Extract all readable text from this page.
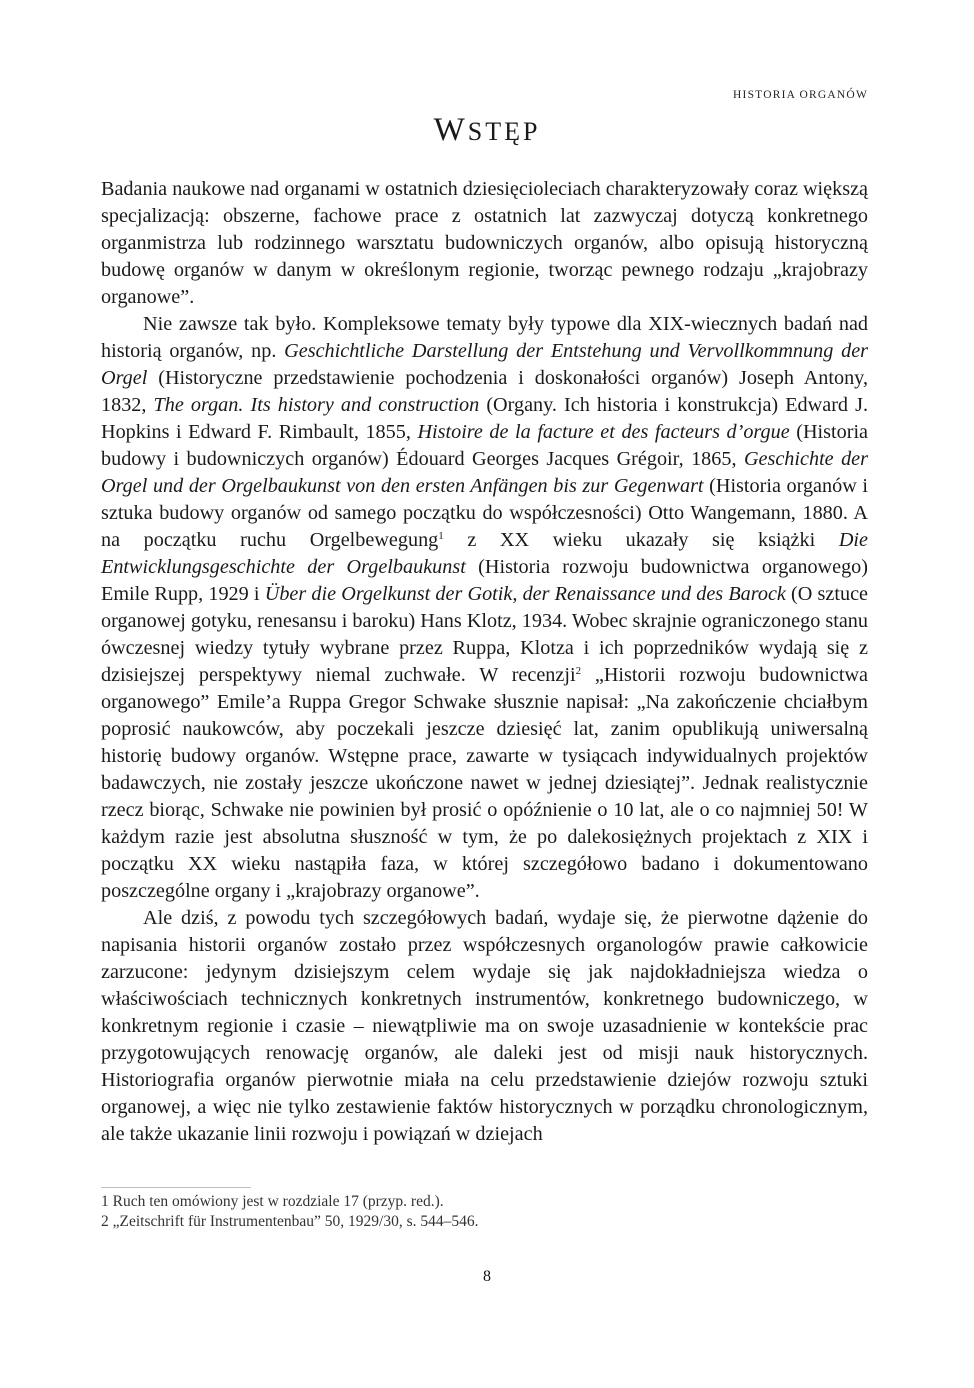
HISTORIA ORGANÓW
WSTĘP

Badania naukowe nad organami w ostatnich dziesięcioleciach charakteryzowały coraz większą specjalizacją: obszerne, fachowe prace z ostatnich lat zazwyczaj dotyczą konkretnego organmistrza lub rodzinnego warsztatu budowniczych organów, albo opisują historyczną budowę organów w danym w określonym regionie, tworząc pewnego rodzaju „krajobrazy organowe”.

Nie zawsze tak było. Kompleksowe tematy były typowe dla XIX-wiecznych badań nad historią organów, np. Geschichtliche Darstellung der Entstehung und Vervollkommnung der Orgel (Historyczne przedstawienie pochodzenia i doskonałości organów) Joseph Antony, 1832, The organ. Its history and construction (Organy. Ich historia i konstrukcja) Edward J. Hopkins i Edward F. Rimbault, 1855, Histoire de la facture et des facteurs d’orgue (Historia budowy i budowniczych organów) Édouard Georges Jacques Grégoir, 1865, Geschichte der Orgel und der Orgelbaukunst von den ersten Anfängen bis zur Gegenwart (Historia organów i sztuka budowy organów od samego początku do współczesności) Otto Wangemann, 1880. A na początku ruchu Orgelbewegung$^1$ z XX wieku ukazały się książki Die Entwicklungsgeschichte der Orgelbaukunst (Historia rozwoju budownictwa organowego) Emile Rupp, 1929 i Über die Orgelkunst der Gotik, der Renaissance und des Barock (O sztuce organowej gotyku, renesansu i baroku) Hans Klotz, 1934. Wobec skrajnie ograniczonego stanu ówczesnej wiedzy tytuły wybrane przez Ruppa, Klotza i ich poprzedników wydają się z dzisiejszej perspektywy niemal zuchwałe. W recenzji$^2$ „Historii rozwoju budownictwa organowego” Emile’a Ruppa Gregor Schwake słusznie napisał: „Na zakończenie chciałbym poprosić naukowców, aby poczekali jeszcze dziesięć lat, zanim opublikują uniwersalną historię budowy organów. Wstępne prace, zawarte w tysiącach indywidualnych projektów badawczych, nie zostały jeszcze ukończone nawet w jednej dziesiątej”. Jednak realistycznie rzecz biorąc, Schwake nie powinien był prosić o opóźnienie o 10 lat, ale o co najmniej 50! W każdym razie jest absolutna słuszność w tym, że po dalekosiężnych projektach z XIX i początku XX wieku nastąpiła faza, w której szczegółowo badano i dokumentowano poszczególne organy i „krajobrazy organowe”.

Ale dziś, z powodu tych szczegółowych badań, wydaje się, że pierwotne dążenie do napisania historii organów zostało przez współczesnych organologów prawie całkowicie zarzucone: jedynym dzisiejszym celem wydaje się jak najdokładniejsza wiedza o właściwościach technicznych konkretnych instrumentów, konkretnego budowniczego, w konkretnym regionie i czasie – niewątpliwie ma on swoje uzasadnienie w kontekście prac przygotowujących renowację organów, ale daleki jest od misji nauk historycznych. Historiografia organów pierwotnie miała na celu przedstawienie dziejów rozwoju sztuki organowej, a więc nie tylko zestawienie faktów historycznych w porządku chronologicznym, ale także ukazanie linii rozwoju i powiązań w dziejach

1 Ruch ten omówiony jest w rozdziale 17 (przyp. red.).
2 „Zeitschrift für Instrumentenbau” 50, 1929/30, s. 544–546.
8
